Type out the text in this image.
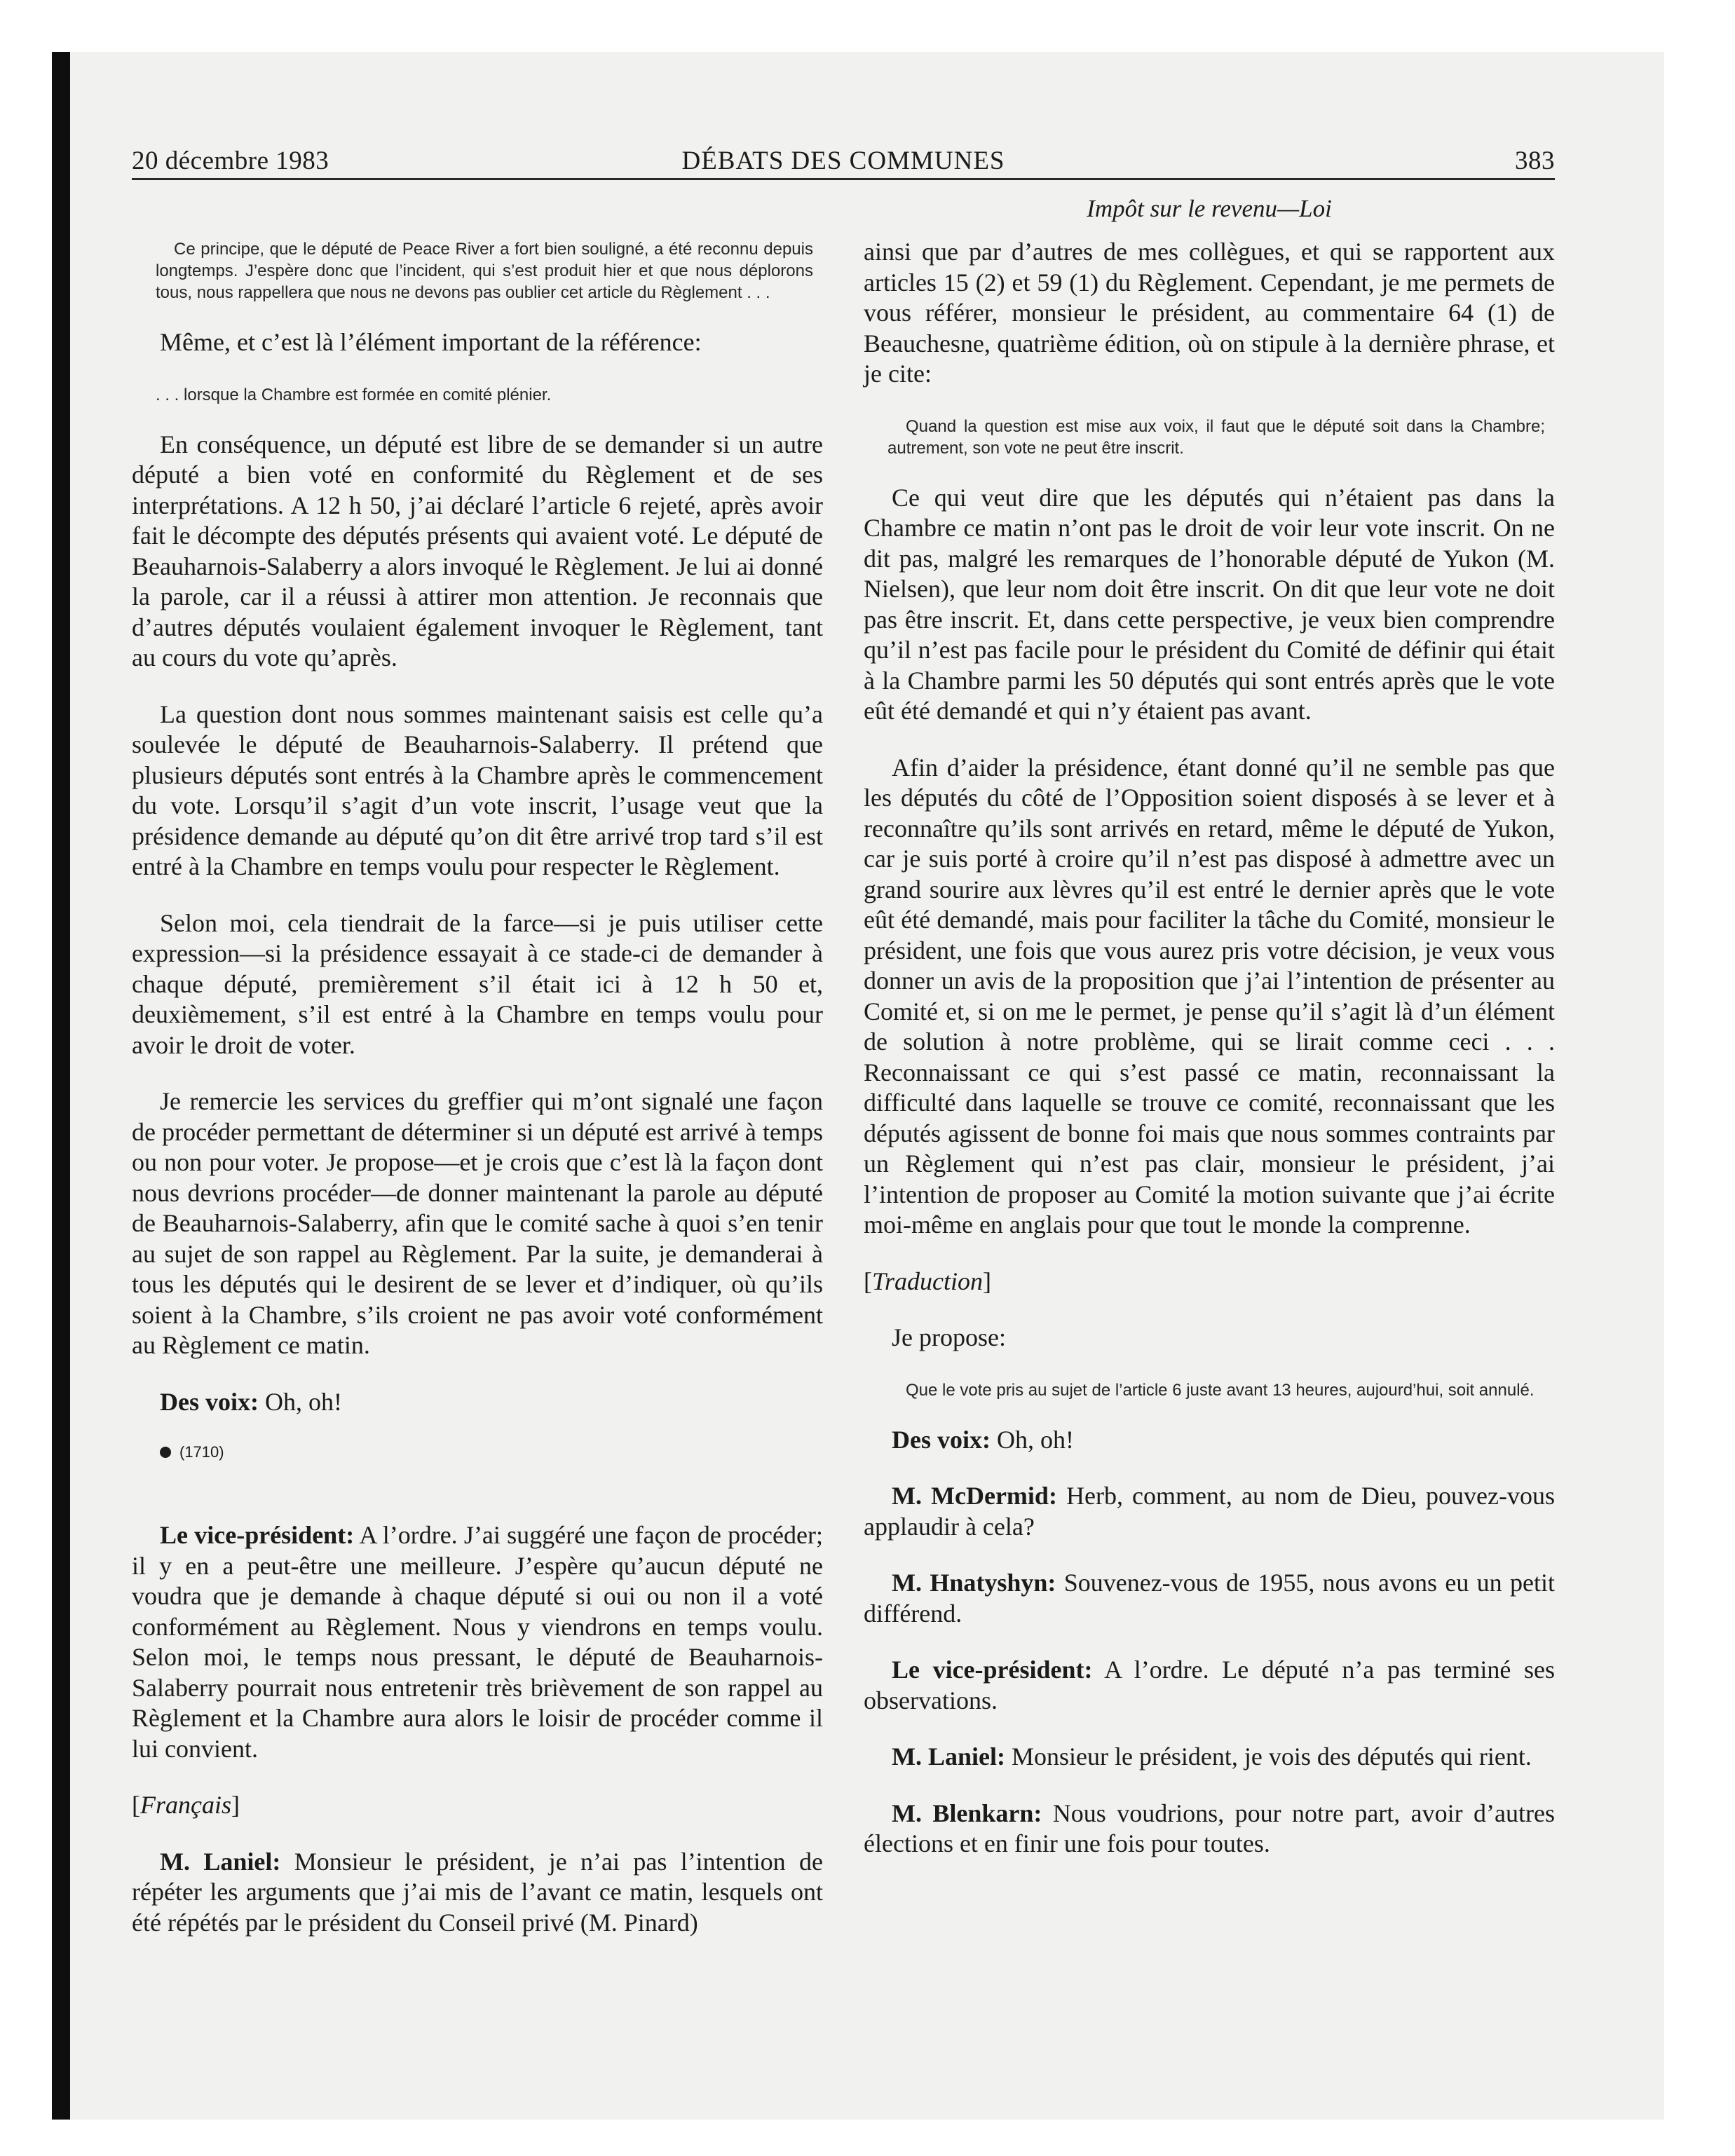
20 décembre 1983	DÉBATS DES COMMUNES	383
Impôt sur le revenu—Loi

Ce principe, que le député de Peace River a fort bien souligné, a été reconnu depuis longtemps. J’espère donc que l’incident, qui s’est produit hier et que nous déplorons tous, nous rappellera que nous ne devons pas oublier cet article du Règlement . . .

Même, et c’est là l’élément important de la référence:

. . . lorsque la Chambre est formée en comité plénier.

En conséquence, un député est libre de se demander si un autre député a bien voté en conformité du Règlement et de ses interprétations. A 12 h 50, j’ai déclaré l’article 6 rejeté, après avoir fait le décompte des députés présents qui avaient voté. Le député de Beauharnois-Salaberry a alors invoqué le Règlement. Je lui ai donné la parole, car il a réussi à attirer mon attention. Je reconnais que d’autres députés voulaient également invoquer le Règlement, tant au cours du vote qu’après.

La question dont nous sommes maintenant saisis est celle qu’a soulevée le député de Beauharnois-Salaberry. Il prétend que plusieurs députés sont entrés à la Chambre après le commencement du vote. Lorsqu’il s’agit d’un vote inscrit, l’usage veut que la présidence demande au député qu’on dit être arrivé trop tard s’il est entré à la Chambre en temps voulu pour respecter le Règlement.

Selon moi, cela tiendrait de la farce—si je puis utiliser cette expression—si la présidence essayait à ce stade-ci de demander à chaque député, premièrement s’il était ici à 12 h 50 et, deuxièmement, s’il est entré à la Chambre en temps voulu pour avoir le droit de voter.

Je remercie les services du greffier qui m’ont signalé une façon de procéder permettant de déterminer si un député est arrivé à temps ou non pour voter. Je propose—et je crois que c’est là la façon dont nous devrions procéder—de donner maintenant la parole au député de Beauharnois-Salaberry, afin que le comité sache à quoi s’en tenir au sujet de son rappel au Règlement. Par la suite, je demanderai à tous les députés qui le desirent de se lever et d’indiquer, où qu’ils soient à la Chambre, s’ils croient ne pas avoir voté conformément au Règlement ce matin.

Des voix: Oh, oh!

(1710)

Le vice-président: A l’ordre. J’ai suggéré une façon de procéder; il y en a peut-être une meilleure. J’espère qu’aucun député ne voudra que je demande à chaque député si oui ou non il a voté conformément au Règlement. Nous y viendrons en temps voulu. Selon moi, le temps nous pressant, le député de Beauharnois-Salaberry pourrait nous entretenir très brièvement de son rappel au Règlement et la Chambre aura alors le loisir de procéder comme il lui convient.

[Français]

M. Laniel: Monsieur le président, je n’ai pas l’intention de répéter les arguments que j’ai mis de l’avant ce matin, lesquels ont été répétés par le président du Conseil privé (M. Pinard)

ainsi que par d’autres de mes collègues, et qui se rapportent aux articles 15 (2) et 59 (1) du Règlement. Cependant, je me permets de vous référer, monsieur le président, au commentaire 64 (1) de Beauchesne, quatrième édition, où on stipule à la dernière phrase, et je cite:

Quand la question est mise aux voix, il faut que le député soit dans la Chambre; autrement, son vote ne peut être inscrit.

Ce qui veut dire que les députés qui n’étaient pas dans la Chambre ce matin n’ont pas le droit de voir leur vote inscrit. On ne dit pas, malgré les remarques de l’honorable député de Yukon (M. Nielsen), que leur nom doit être inscrit. On dit que leur vote ne doit pas être inscrit. Et, dans cette perspective, je veux bien comprendre qu’il n’est pas facile pour le président du Comité de définir qui était à la Chambre parmi les 50 députés qui sont entrés après que le vote eût été demandé et qui n’y étaient pas avant.

Afin d’aider la présidence, étant donné qu’il ne semble pas que les députés du côté de l’Opposition soient disposés à se lever et à reconnaître qu’ils sont arrivés en retard, même le député de Yukon, car je suis porté à croire qu’il n’est pas disposé à admettre avec un grand sourire aux lèvres qu’il est entré le dernier après que le vote eût été demandé, mais pour faciliter la tâche du Comité, monsieur le président, une fois que vous aurez pris votre décision, je veux vous donner un avis de la proposition que j’ai l’intention de présenter au Comité et, si on me le permet, je pense qu’il s’agit là d’un élément de solution à notre problème, qui se lirait comme ceci . . . Reconnaissant ce qui s’est passé ce matin, reconnaissant la difficulté dans laquelle se trouve ce comité, reconnaissant que les députés agissent de bonne foi mais que nous sommes contraints par un Règlement qui n’est pas clair, monsieur le président, j’ai l’intention de proposer au Comité la motion suivante que j’ai écrite moi-même en anglais pour que tout le monde la comprenne.

[Traduction]

Je propose:

Que le vote pris au sujet de l’article 6 juste avant 13 heures, aujourd’hui, soit annulé.

Des voix: Oh, oh!

M. McDermid: Herb, comment, au nom de Dieu, pouvez-vous applaudir à cela?

M. Hnatyshyn: Souvenez-vous de 1955, nous avons eu un petit différend.

Le vice-président: A l’ordre. Le député n’a pas terminé ses observations.

M. Laniel: Monsieur le président, je vois des députés qui rient.

M. Blenkarn: Nous voudrions, pour notre part, avoir d’autres élections et en finir une fois pour toutes.
